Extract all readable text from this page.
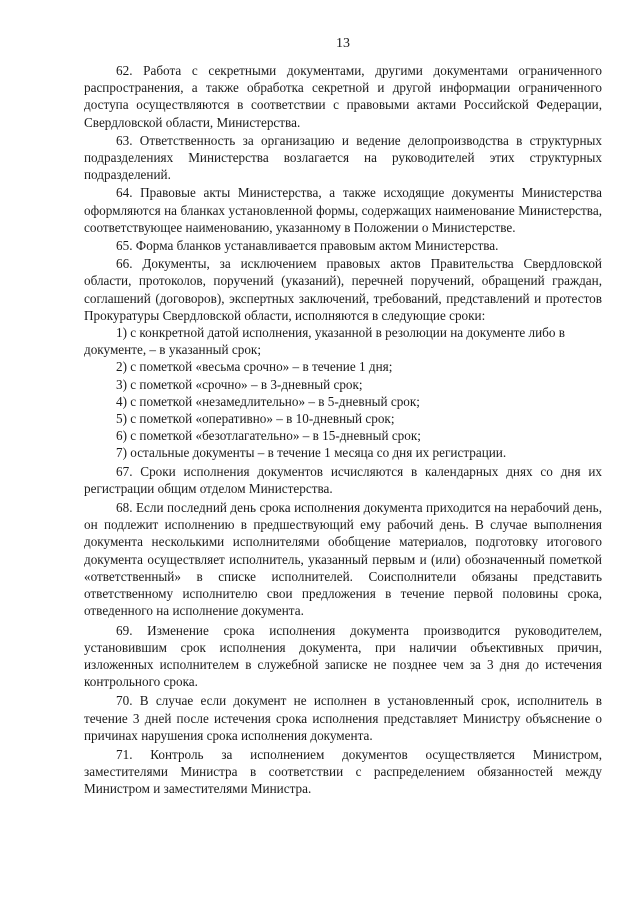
13

62. Работа с секретными документами, другими документами ограниченного распространения, а также обработка секретной и другой информации ограниченного доступа осуществляются в соответствии с правовыми актами Российской Федерации, Свердловской области, Министерства.

63. Ответственность за организацию и ведение делопроизводства в структурных подразделениях Министерства возлагается на руководителей этих структурных подразделений.

64. Правовые акты Министерства, а также исходящие документы Министерства оформляются на бланках установленной формы, содержащих наименование Министерства, соответствующее наименованию, указанному в Положении о Министерстве.

65. Форма бланков устанавливается правовым актом Министерства.

66. Документы, за исключением правовых актов Правительства Свердловской области, протоколов, поручений (указаний), перечней поручений, обращений граждан, соглашений (договоров), экспертных заключений, требований, представлений и протестов Прокуратуры Свердловской области, исполняются в следующие сроки:

1) с конкретной датой исполнения, указанной в резолюции на документе либо в документе, – в указанный срок;
2) с пометкой «весьма срочно» – в течение 1 дня;
3) с пометкой «срочно» – в 3-дневный срок;
4) с пометкой «незамедлительно» – в 5-дневный срок;
5) с пометкой «оперативно» – в 10-дневный срок;
6) с пометкой «безотлагательно» – в 15-дневный срок;
7) остальные документы – в течение 1 месяца со дня их регистрации.

67. Сроки исполнения документов исчисляются в календарных днях со дня их регистрации общим отделом Министерства.

68. Если последний день срока исполнения документа приходится на нерабочий день, он подлежит исполнению в предшествующий ему рабочий день. В случае выполнения документа несколькими исполнителями обобщение материалов, подготовку итогового документа осуществляет исполнитель, указанный первым и (или) обозначенный пометкой «ответственный» в списке исполнителей. Соисполнители обязаны представить ответственному исполнителю свои предложения в течение первой половины срока, отведенного на исполнение документа.

69. Изменение срока исполнения документа производится руководителем, установившим срок исполнения документа, при наличии объективных причин, изложенных исполнителем в служебной записке не позднее чем за 3 дня до истечения контрольного срока.

70. В случае если документ не исполнен в установленный срок, исполнитель в течение 3 дней после истечения срока исполнения представляет Министру объяснение о причинах нарушения срока исполнения документа.

71. Контроль за исполнением документов осуществляется Министром, заместителями Министра в соответствии с распределением обязанностей между Министром и заместителями Министра.
